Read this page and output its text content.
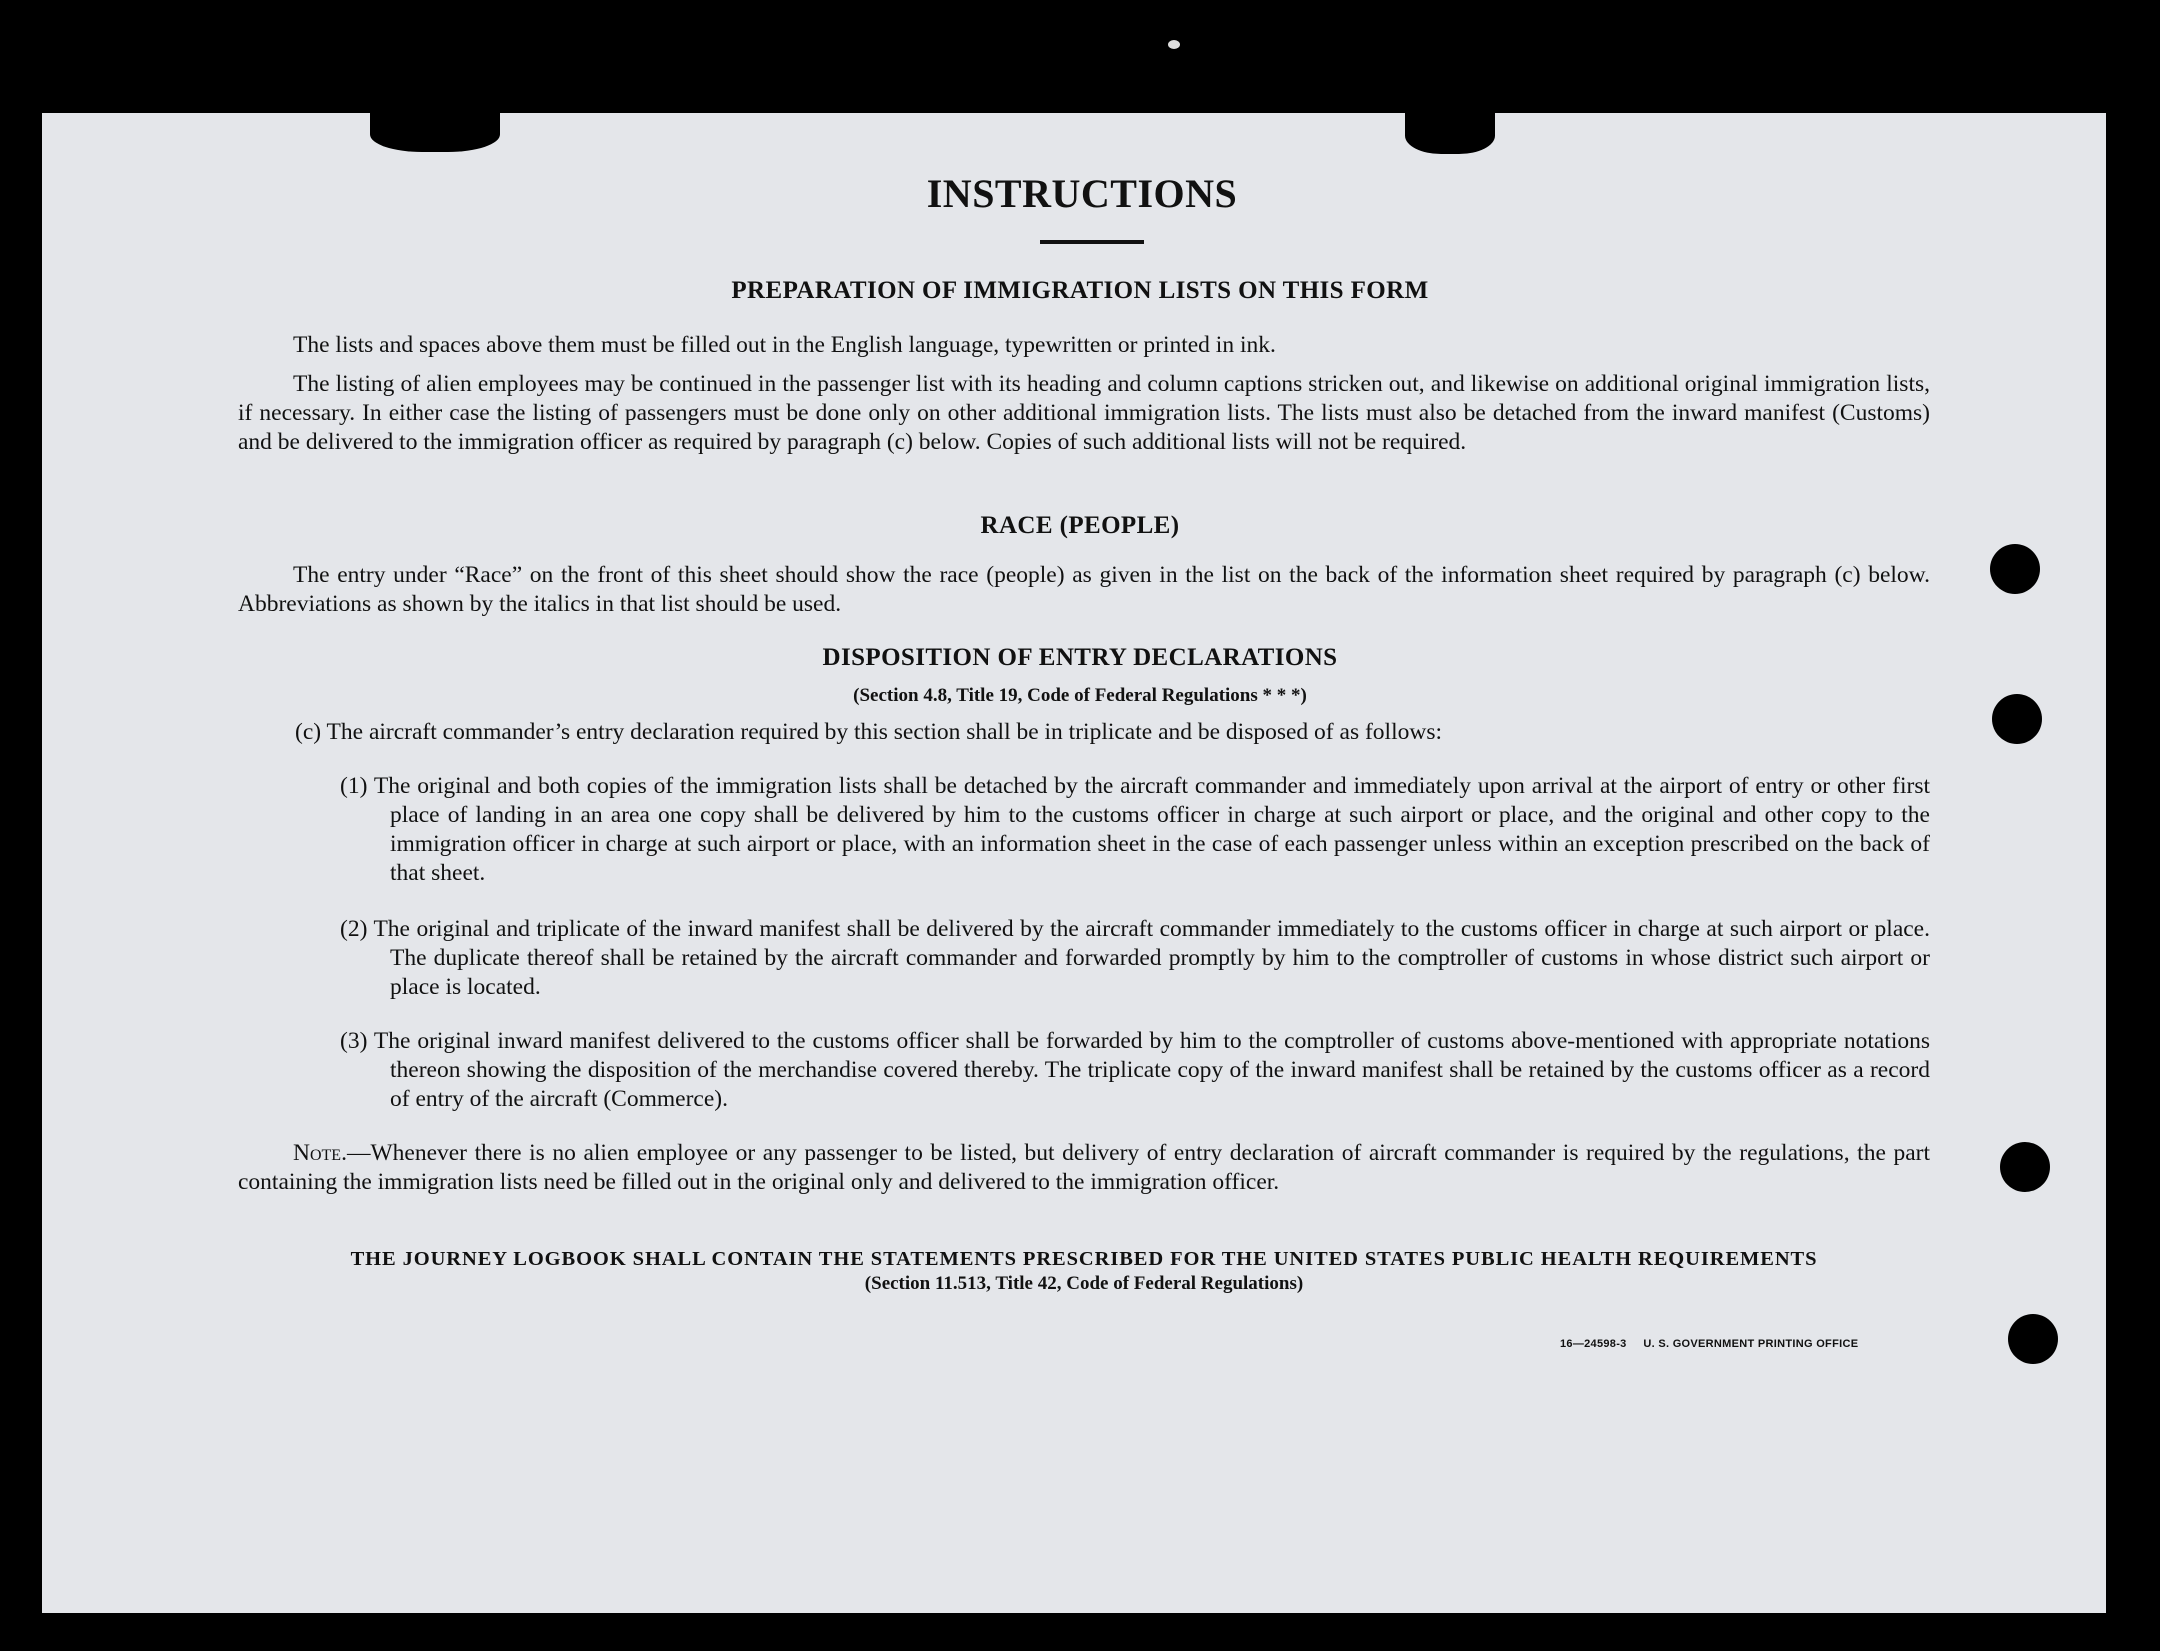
INSTRUCTIONS
PREPARATION OF IMMIGRATION LISTS ON THIS FORM
The lists and spaces above them must be filled out in the English language, typewritten or printed in ink.
The listing of alien employees may be continued in the passenger list with its heading and column captions stricken out, and likewise on additional original immigration lists, if necessary. In either case the listing of passengers must be done only on other additional immigration lists. The lists must also be detached from the inward manifest (Customs) and be delivered to the immigration officer as required by paragraph (c) below. Copies of such additional lists will not be required.
RACE (PEOPLE)
The entry under “Race” on the front of this sheet should show the race (people) as given in the list on the back of the information sheet required by paragraph (c) below. Abbreviations as shown by the italics in that list should be used.
DISPOSITION OF ENTRY DECLARATIONS
(Section 4.8, Title 19, Code of Federal Regulations * * *)
(c) The aircraft commander’s entry declaration required by this section shall be in triplicate and be disposed of as follows:
(1) The original and both copies of the immigration lists shall be detached by the aircraft commander and immediately upon arrival at the airport of entry or other first place of landing in an area one copy shall be delivered by him to the customs officer in charge at such airport or place, and the original and other copy to the immigration officer in charge at such airport or place, with an information sheet in the case of each passenger unless within an exception prescribed on the back of that sheet.
(2) The original and triplicate of the inward manifest shall be delivered by the aircraft commander immediately to the customs officer in charge at such airport or place. The duplicate thereof shall be retained by the aircraft commander and forwarded promptly by him to the comptroller of customs in whose district such airport or place is located.
(3) The original inward manifest delivered to the customs officer shall be forwarded by him to the comptroller of customs above-mentioned with appropriate notations thereon showing the disposition of the merchandise covered thereby. The triplicate copy of the inward manifest shall be retained by the customs officer as a record of entry of the aircraft (Commerce).
Note.—Whenever there is no alien employee or any passenger to be listed, but delivery of entry declaration of aircraft commander is required by the regulations, the part containing the immigration lists need be filled out in the original only and delivered to the immigration officer.
THE JOURNEY LOGBOOK SHALL CONTAIN THE STATEMENTS PRESCRIBED FOR THE UNITED STATES PUBLIC HEALTH REQUIREMENTS
(Section 11.513, Title 42, Code of Federal Regulations)
16—24598-3 U. S. GOVERNMENT PRINTING OFFICE
